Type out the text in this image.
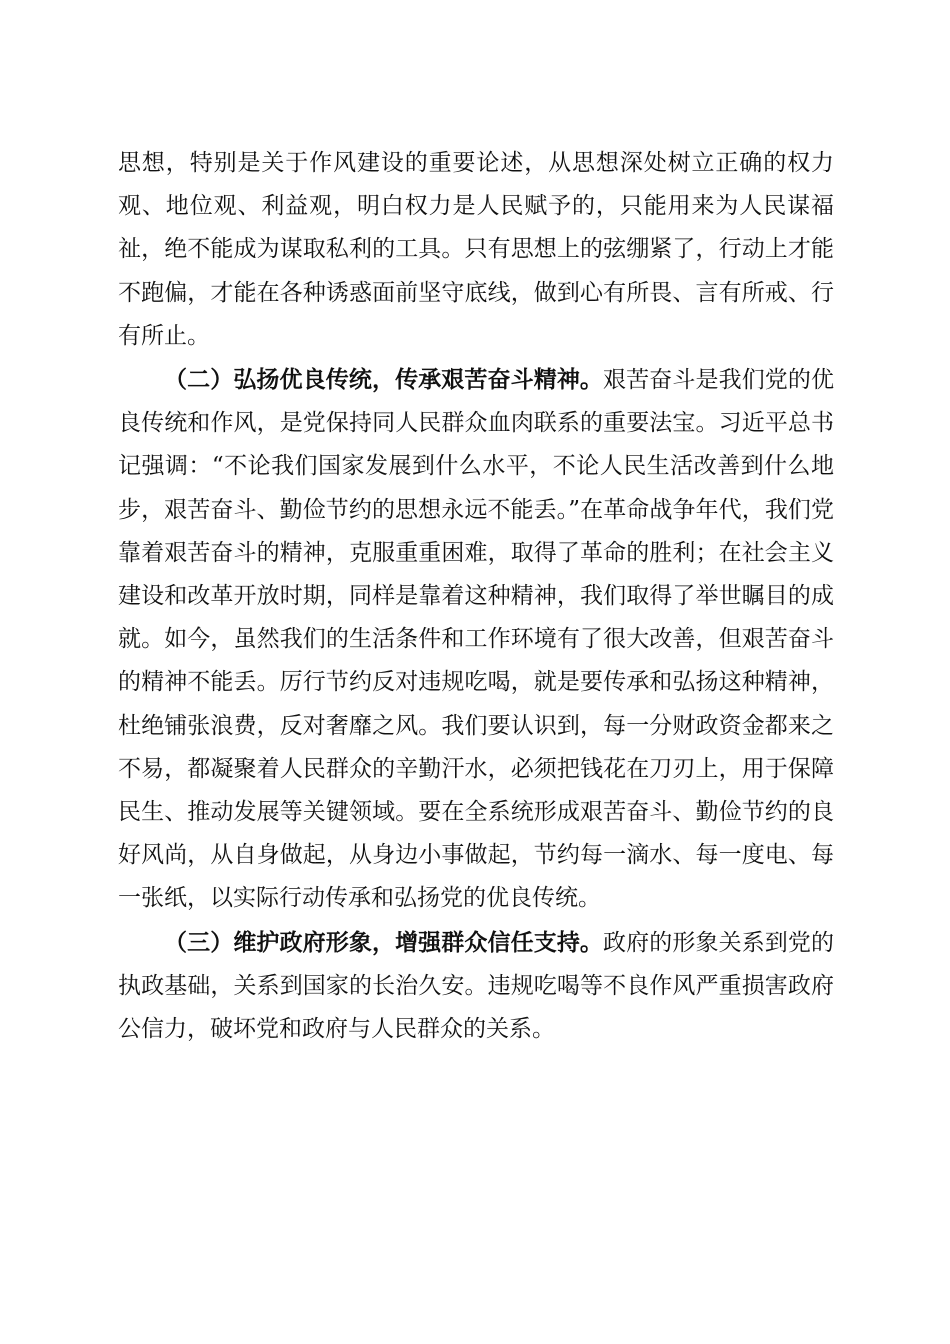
思想，特别是关于作风建设的重要论述，从思想深处树立正确的权力观、地位观、利益观，明白权力是人民赋予的，只能用来为人民谋福祉，绝不能成为谋取私利的工具。只有思想上的弦绷紧了，行动上才能不跑偏，才能在各种诱惑面前坚守底线，做到心有所畏、言有所戒、行有所止。

（二）弘扬优良传统，传承艰苦奋斗精神。艰苦奋斗是我们党的优良传统和作风，是党保持同人民群众血肉联系的重要法宝。习近平总书记强调：“不论我们国家发展到什么水平，不论人民生活改善到什么地步，艰苦奋斗、勤俭节约的思想永远不能丢。”在革命战争年代，我们党靠着艰苦奋斗的精神，克服重重困难，取得了革命的胜利；在社会主义建设和改革开放时期，同样是靠着这种精神，我们取得了举世瞩目的成就。如今，虽然我们的生活条件和工作环境有了很大改善，但艰苦奋斗的精神不能丢。厉行节约反对违规吃喝，就是要传承和弘扬这种精神，杜绝铺张浪费，反对奢靡之风。我们要认识到，每一分财政资金都来之不易，都凝聚着人民群众的辛勤汗水，必须把钱花在刀刃上，用于保障民生、推动发展等关键领域。要在全系统形成艰苦奋斗、勤俭节约的良好风尚，从自身做起，从身边小事做起，节约每一滴水、每一度电、每一张纸，以实际行动传承和弘扬党的优良传统。

（三）维护政府形象，增强群众信任支持。政府的形象关系到党的执政基础，关系到国家的长治久安。违规吃喝等不良作风严重损害政府公信力，破坏党和政府与人民群众的关系。
